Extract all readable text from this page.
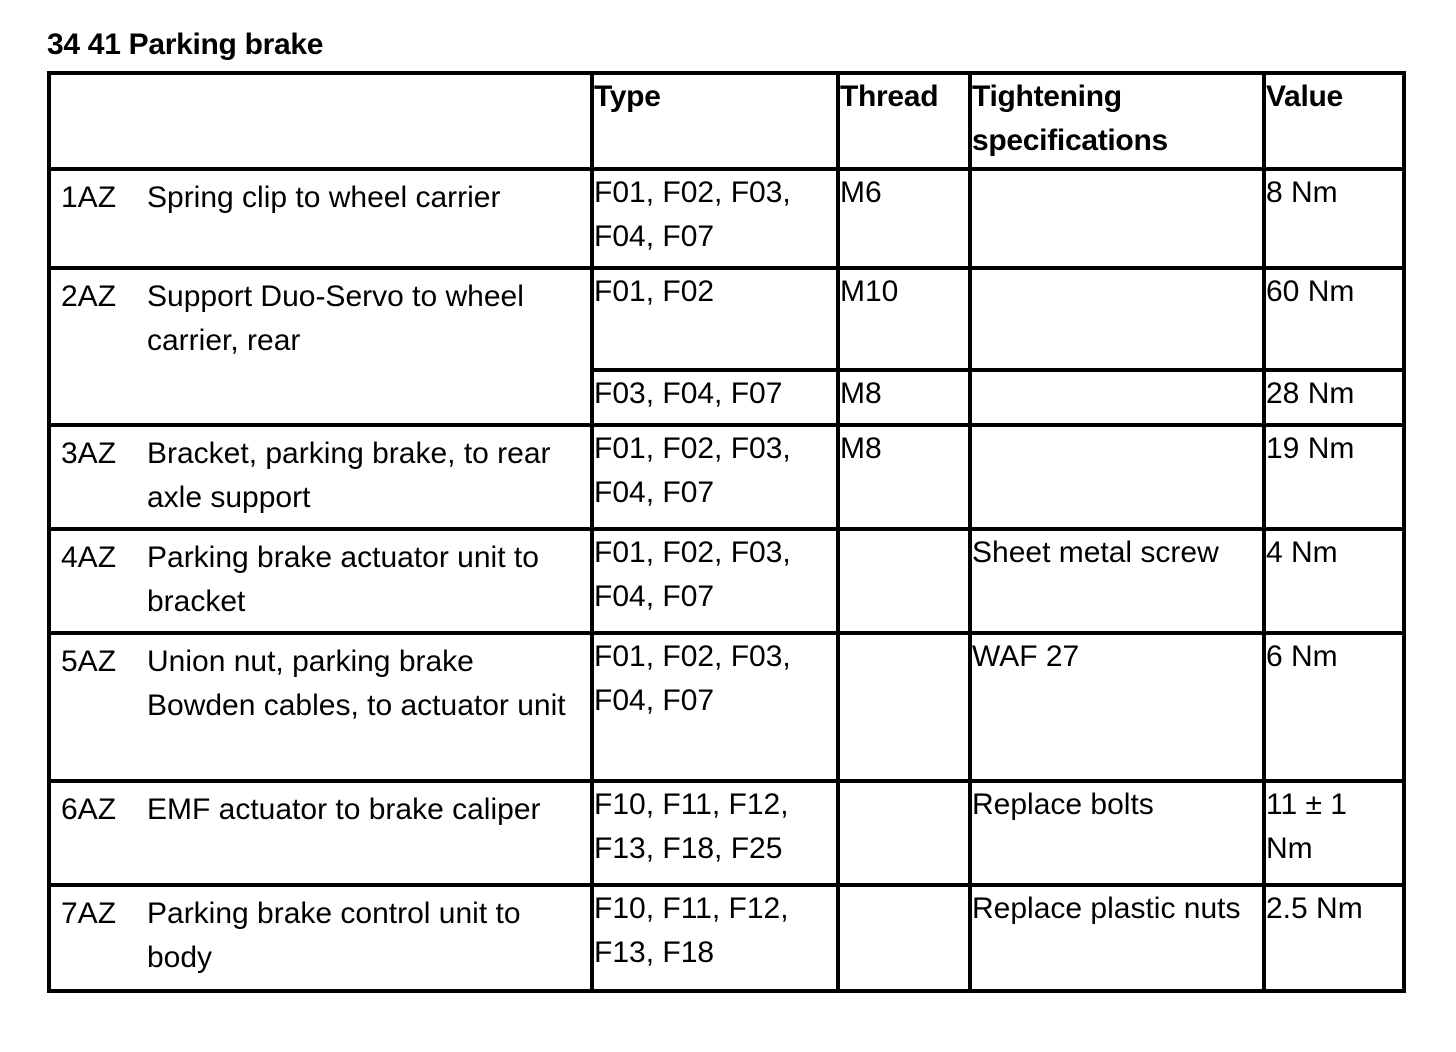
34 41 Parking brake
	Type	Thread	Tightening specifications	Value

1AZ Spring clip to wheel carrier	F01, F02, F03, F04, F07	M6		8 Nm

2AZ Support Duo-Servo to wheel carrier, rear	F01, F02	M10		60 Nm
	F03, F04, F07	M8		28 Nm

3AZ Bracket, parking brake, to rear axle support	F01, F02, F03, F04, F07	M8		19 Nm

4AZ Parking brake actuator unit to bracket	F01, F02, F03, F04, F07		Sheet metal screw	4 Nm

5AZ Union nut, parking brake Bowden cables, to actuator unit	F01, F02, F03, F04, F07		WAF 27	6 Nm

6AZ EMF actuator to brake caliper	F10, F11, F12, F13, F18, F25		Replace bolts	11 ± 1 Nm

7AZ Parking brake control unit to body	F10, F11, F12, F13, F18		Replace plastic nuts	2.5 Nm
